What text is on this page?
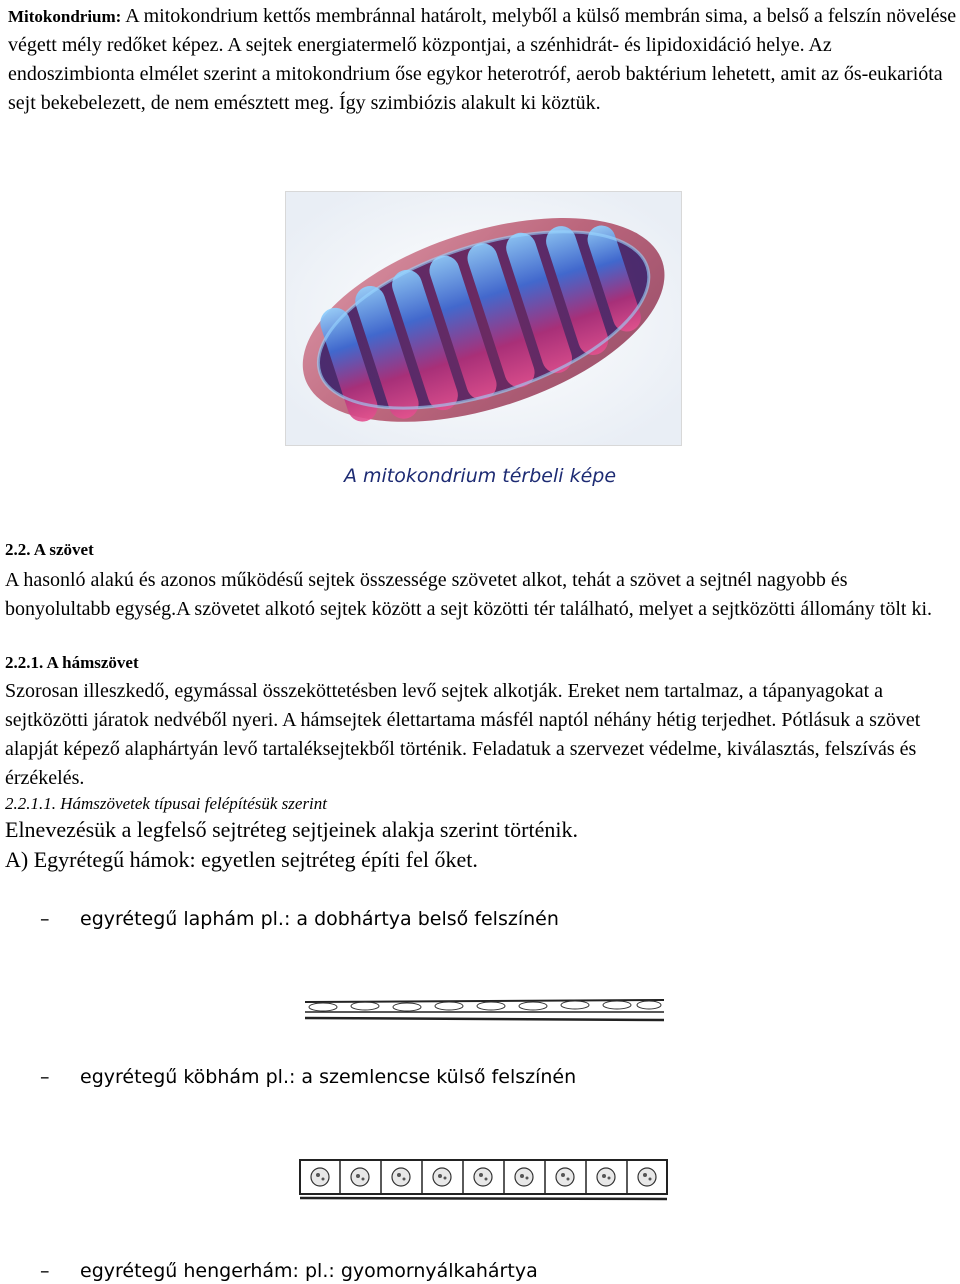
Mitokondrium: A mitokondrium kettős membránnal határolt, melyből a külső membrán sima, a belső a felszín növelése végett mély redőket képez. A sejtek energiatermelő központjai, a szénhidrát- és lipidoxidáció helye. Az endoszimbionta elmélet szerint a mitokondrium őse egykor heterotróf, aerob baktérium lehetett, amit az ős-eukarióta sejt bekebelezett, de nem emésztett meg. Így szimbiózis alakult ki köztük.

A mitokondrium térbeli képe
2.2. A szövet

A hasonló alakú és azonos működésű sejtek összessége szövetet alkot, tehát a szövet a sejtnél nagyobb és bonyolultabb egység.A szövetet alkotó sejtek között a sejt közötti tér található, melyet a sejtközötti állomány tölt ki.

2.2.1. A hámszövet

Szorosan illeszkedő, egymással összeköttetésben levő sejtek alkotják. Ereket nem tartalmaz, a tápanyagokat a sejtközötti járatok nedvéből nyeri. A hámsejtek élettartama másfél naptól néhány hétig terjedhet. Pótlásuk a szövet alapját képező alaphártyán levő tartaléksejtekből történik. Feladatuk a szervezet védelme, kiválasztás, felszívás és érzékelés.

2.2.1.1. Hámszövetek típusai felépítésük szerint
Elnevezésük a legfelső sejtréteg sejtjeinek alakja szerint történik.
A) Egyrétegű hámok: egyetlen sejtréteg építi fel őket.
– egyrétegű laphám pl.: a dobhártya belső felszínén
– egyrétegű köbhám pl.: a szemlencse külső felszínén
– egyrétegű hengerhám: pl.: gyomornyálkahártya
